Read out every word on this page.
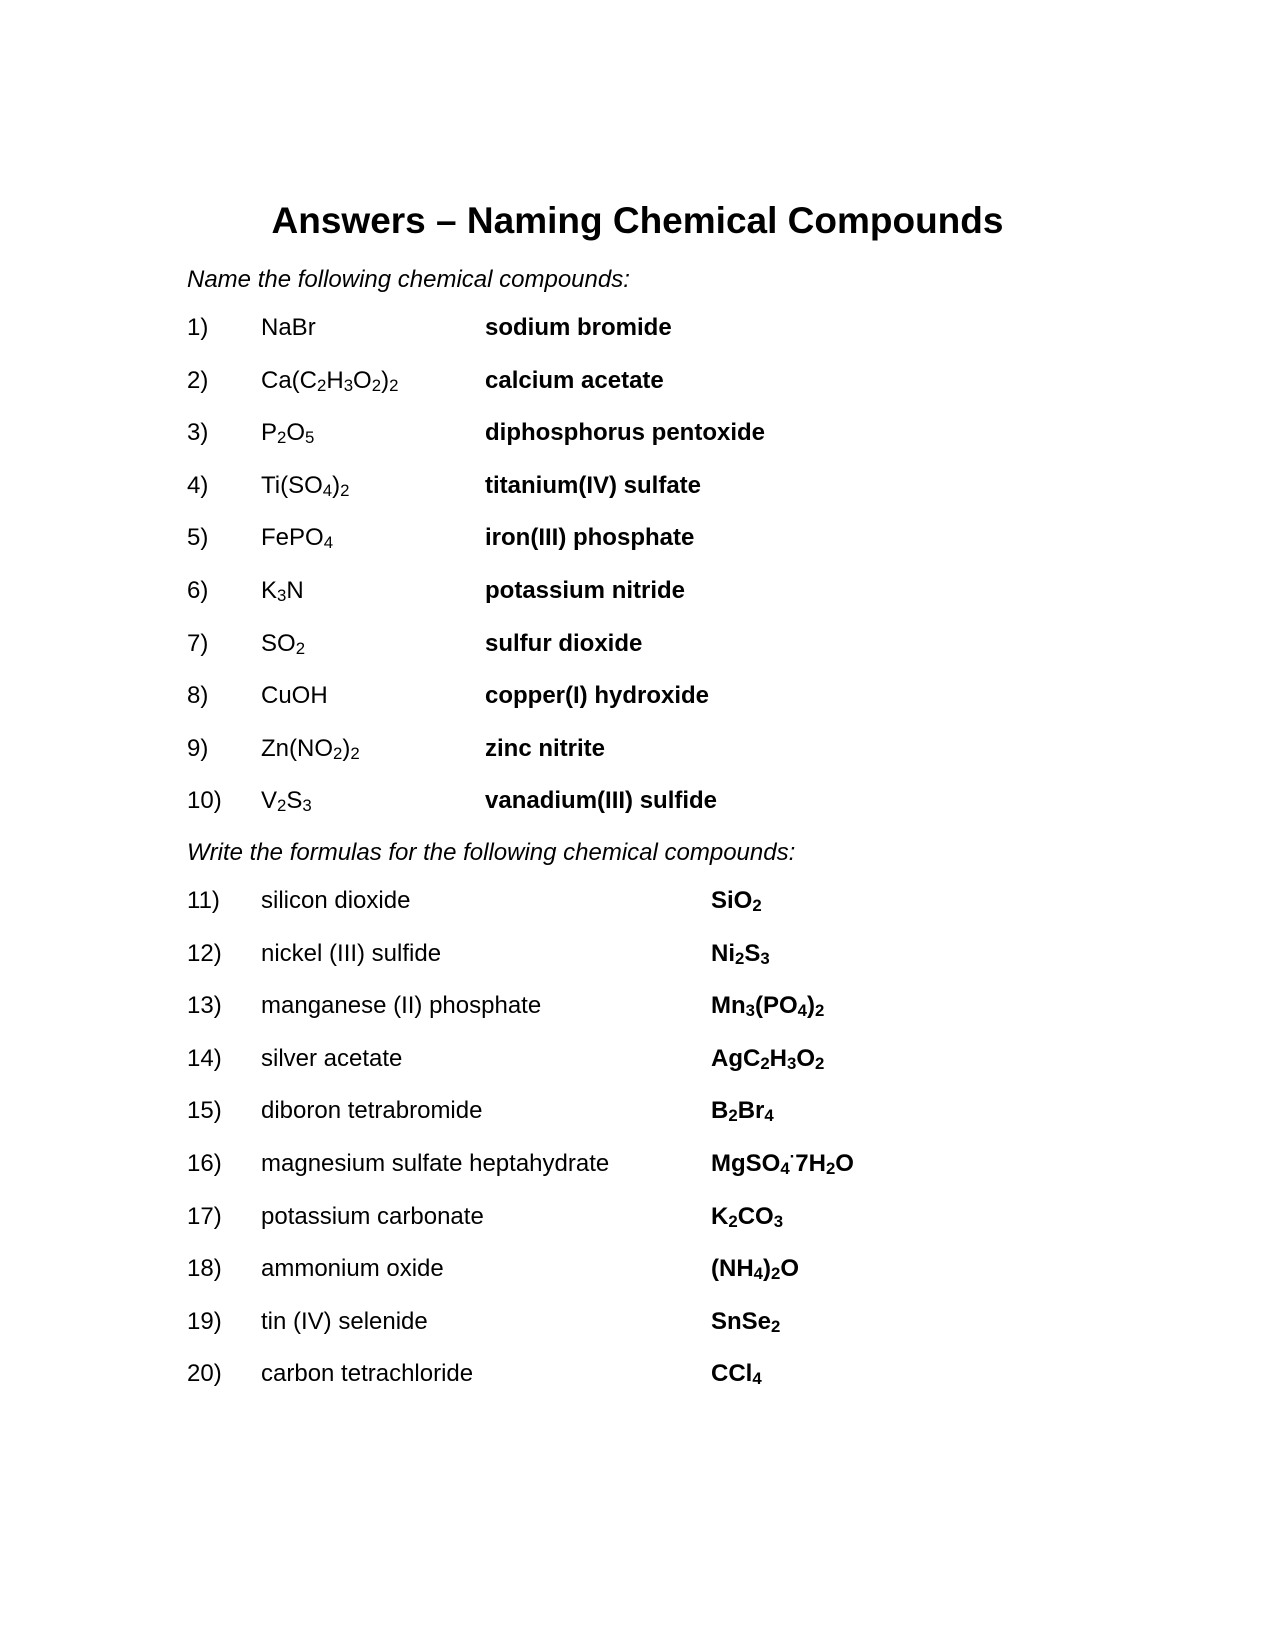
Answers – Naming Chemical Compounds
Name the following chemical compounds:
1) NaBr	sodium bromide
2) $Ca(C_2H_3O_2)_2$	calcium acetate
3) $P_2O_5$	diphosphorus pentoxide
4) $Ti(SO_4)_2$	titanium(IV) sulfate
5) FePO$_4$	iron(III) phosphate
6) $K_3N$	potassium nitride
7) $SO_2$	sulfur dioxide
8) CuOH	copper(I) hydroxide
9) $Zn(NO_2)_2$	zinc nitrite
10) $V_2S_3$	vanadium(III) sulfide
Write the formulas for the following chemical compounds:
11) silicon dioxide	SiO$_2$
12) nickel (III) sulfide	$Ni_2S_3$
13) manganese (II) phosphate	$Mn_3(PO_4)_2$
14) silver acetate	$AgC_2H_3O_2$
15) diboron tetrabromide	$B_2Br_4$
16) magnesium sulfate heptahydrate	$MgSO_4^\cdot 7H_2O$
17) potassium carbonate	$K_2CO_3$
18) ammonium oxide	$(NH_4)_2O$
19) tin (IV) selenide	SnSe$_2$
20) carbon tetrachloride	CCl$_4$
